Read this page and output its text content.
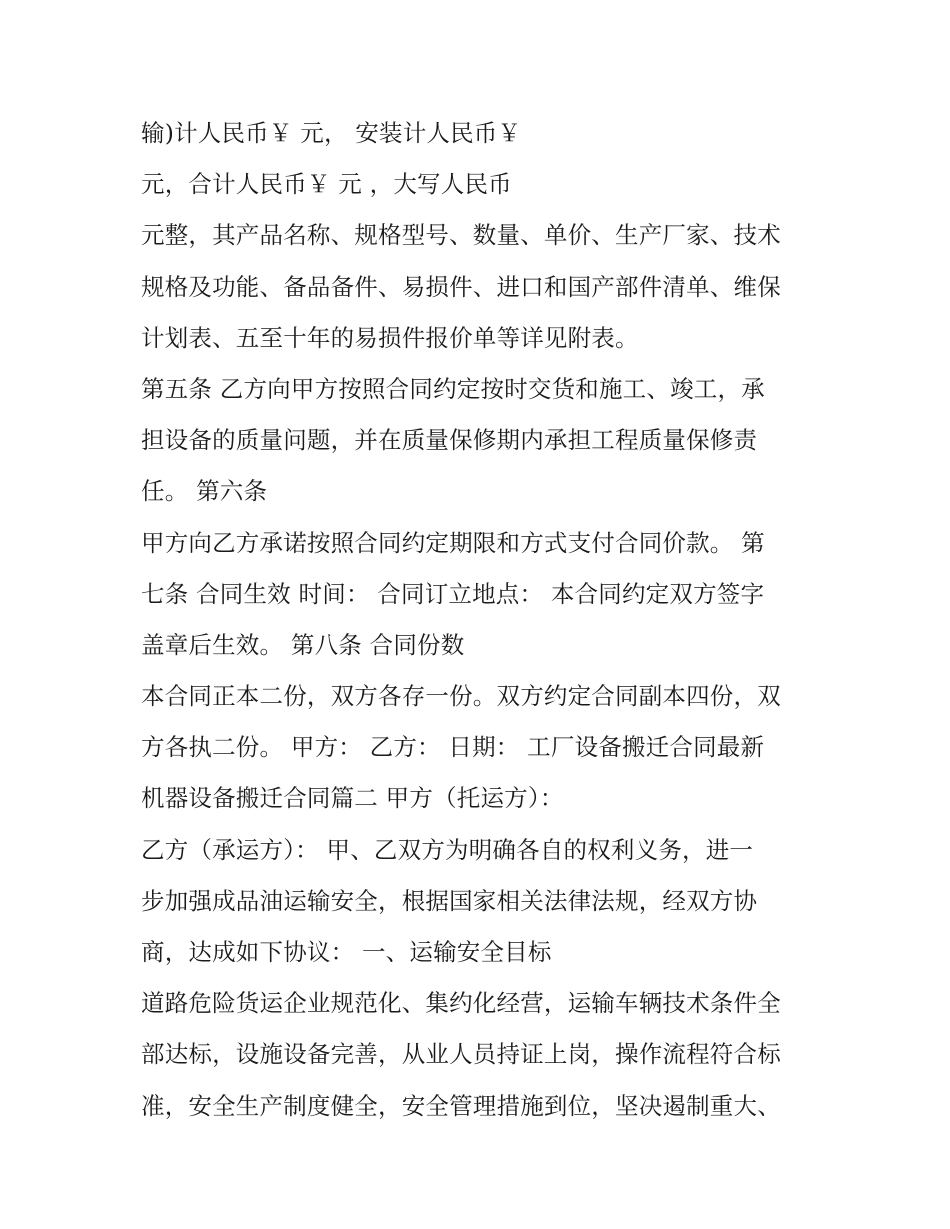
输)计人民币￥ 元， 安装计人民币￥
元，合计人民币￥ 元 ，大写人民币
元整，其产品名称、规格型号、数量、单价、生产厂家、技术
规格及功能、备品备件、易损件、进口和国产部件清单、维保
计划表、五至十年的易损件报价单等详见附表。
第五条 乙方向甲方按照合同约定按时交货和施工、竣工，承
担设备的质量问题，并在质量保修期内承担工程质量保修责
任。 第六条
甲方向乙方承诺按照合同约定期限和方式支付合同价款。 第
七条 合同生效 时间： 合同订立地点： 本合同约定双方签字
盖章后生效。 第八条 合同份数
本合同正本二份，双方各存一份。双方约定合同副本四份，双
方各执二份。 甲方： 乙方： 日期： 工厂设备搬迁合同最新
机器设备搬迁合同篇二 甲方（托运方）：
乙方（承运方）： 甲、乙双方为明确各自的权利义务，进一
步加强成品油运输安全，根据国家相关法律法规，经双方协
商，达成如下协议： 一、运输安全目标
道路危险货运企业规范化、集约化经营，运输车辆技术条件全
部达标，设施设备完善，从业人员持证上岗，操作流程符合标
准，安全生产制度健全，安全管理措施到位，坚决遏制重大、
